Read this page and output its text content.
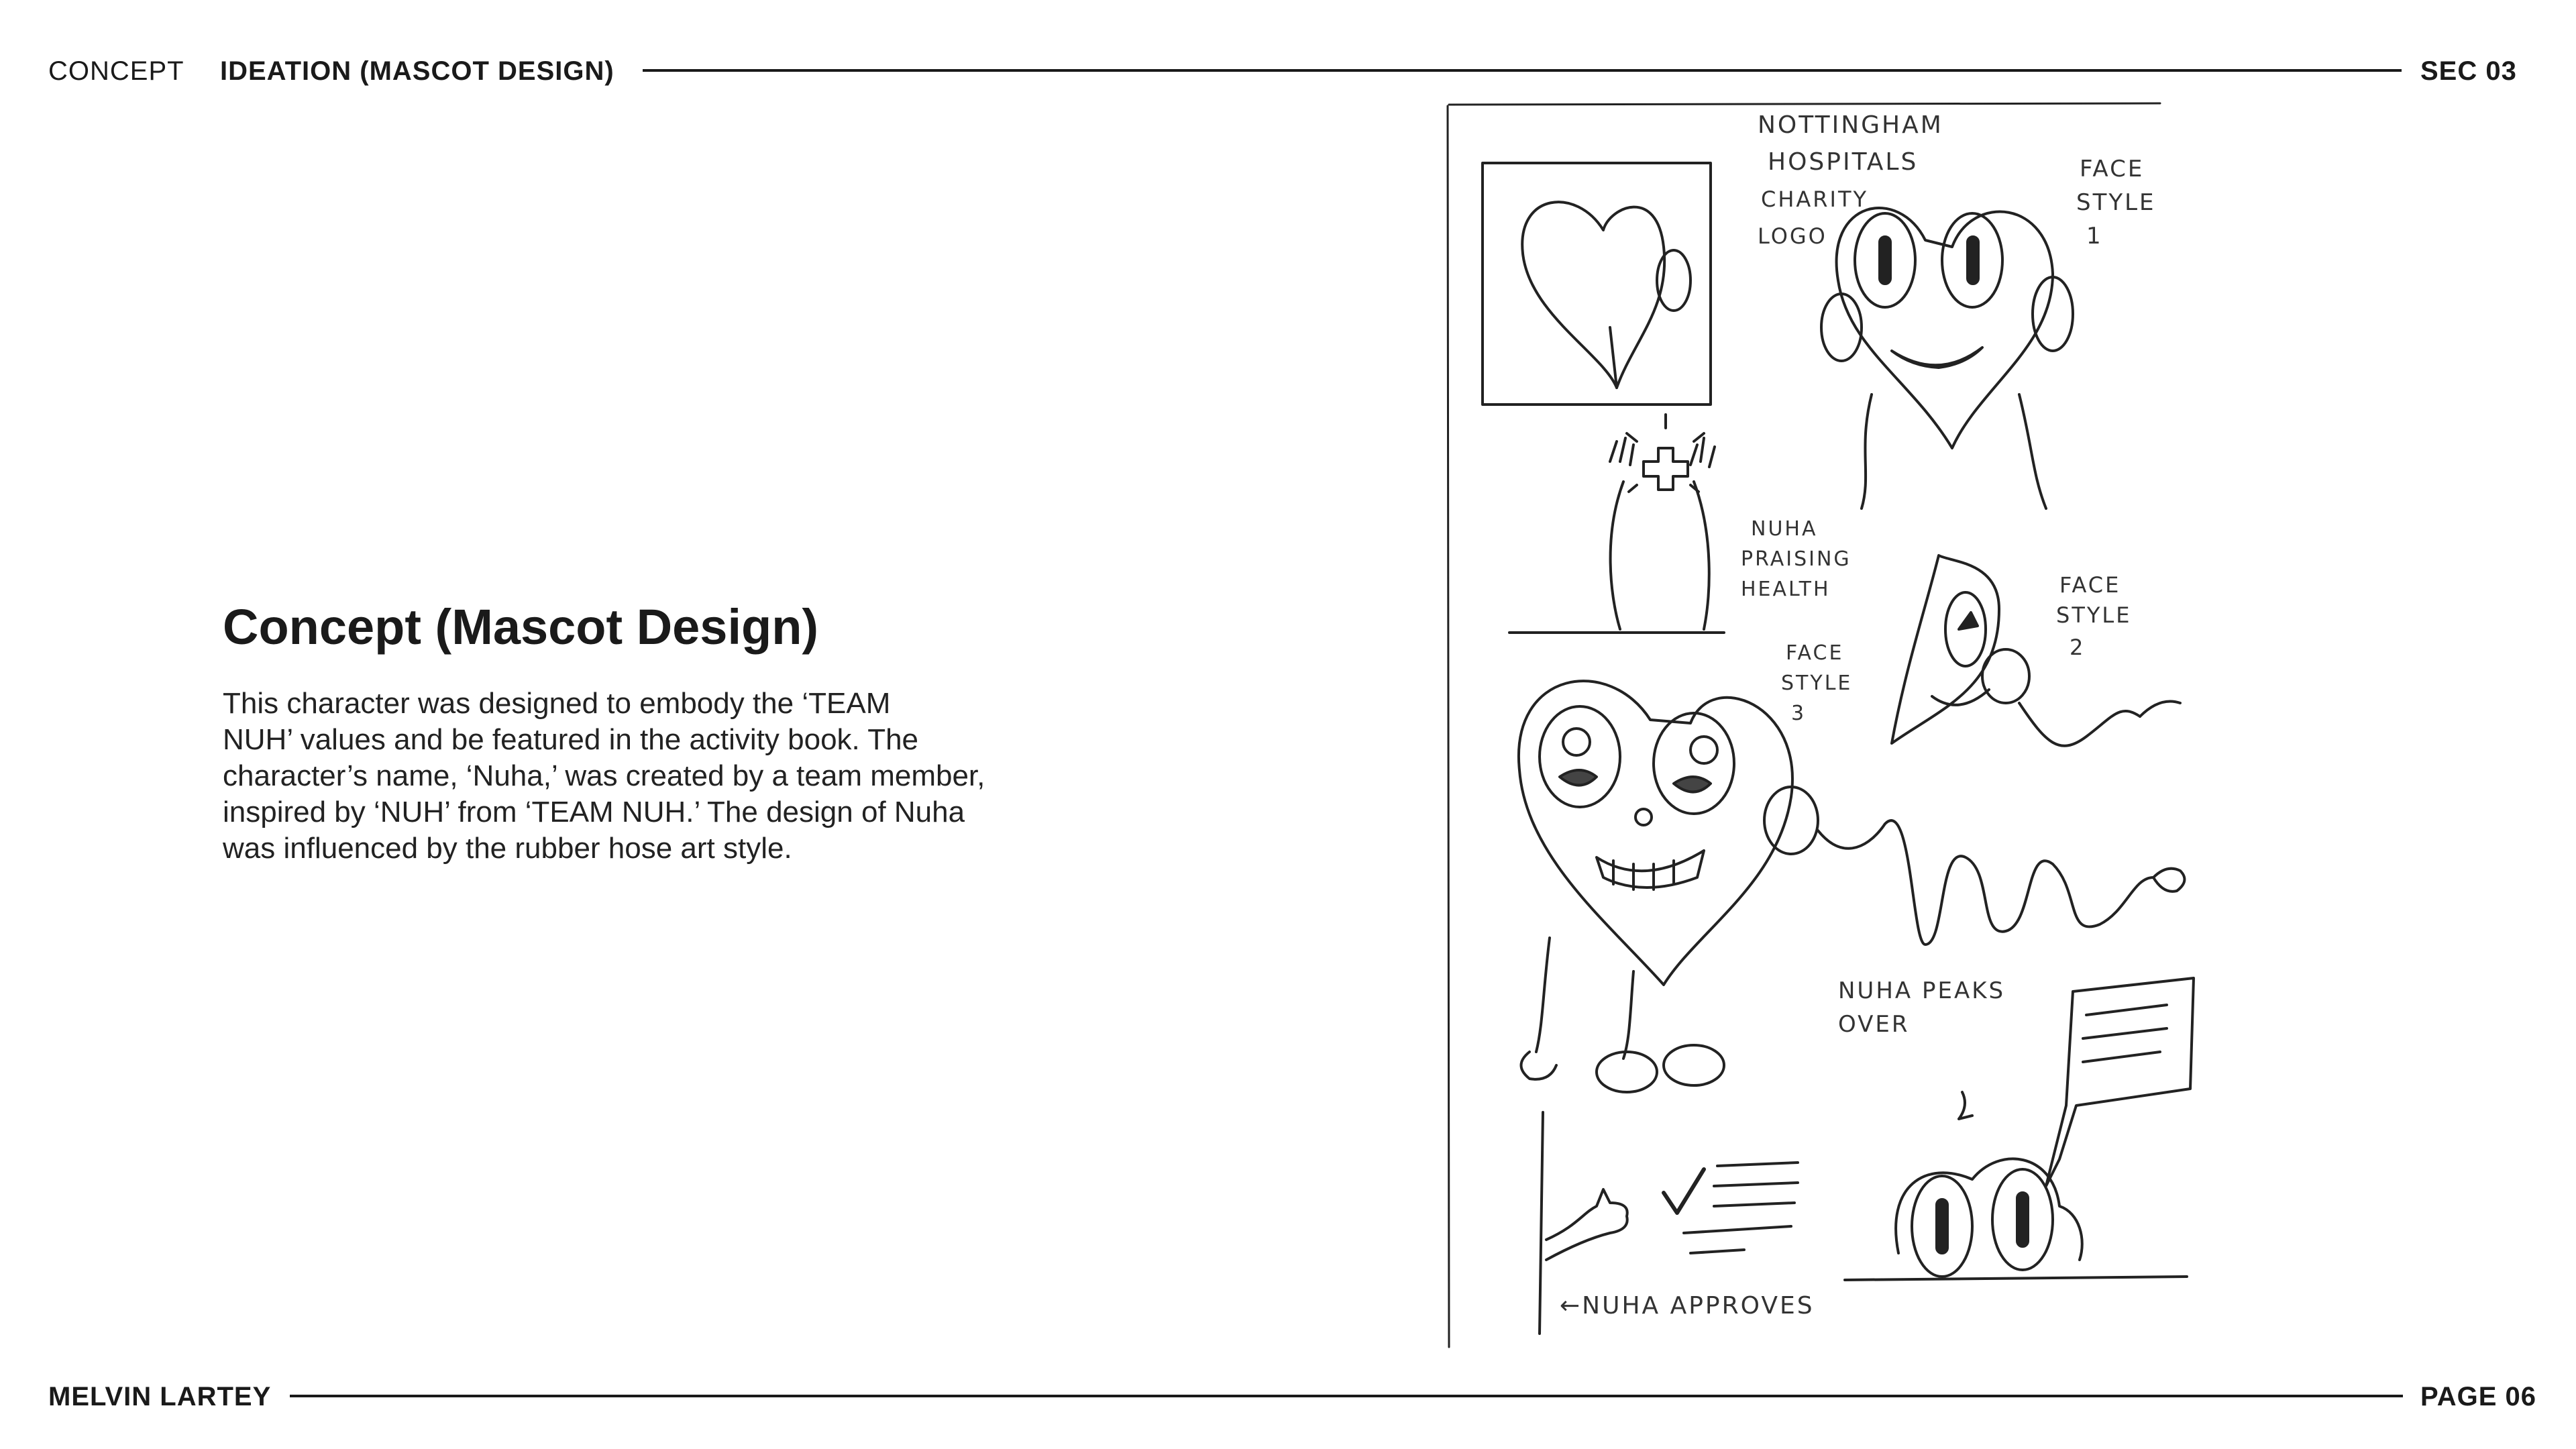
CONCEPT IDEATION (MASCOT DESIGN)	SEC 03
Concept (Mascot Design)

This character was designed to embody the ‘TEAM
NUH’ values and be featured in the activity book. The
character’s name, ‘Nuha,’ was created by a team member,
inspired by ‘NUH’ from ‘TEAM NUH.’ The design of Nuha
was influenced by the rubber hose art style.

NOTTINGHAM
HOSPITALS
CHARITY
LOGO
FACE
STYLE
1
NUHA
PRAISING
HEALTH	FACE
STYLE
2
FACE
STYLE
3
NUHA PEAKS
OVER
←NUHA APPROVES
MELVIN LARTEY	PAGE 06
